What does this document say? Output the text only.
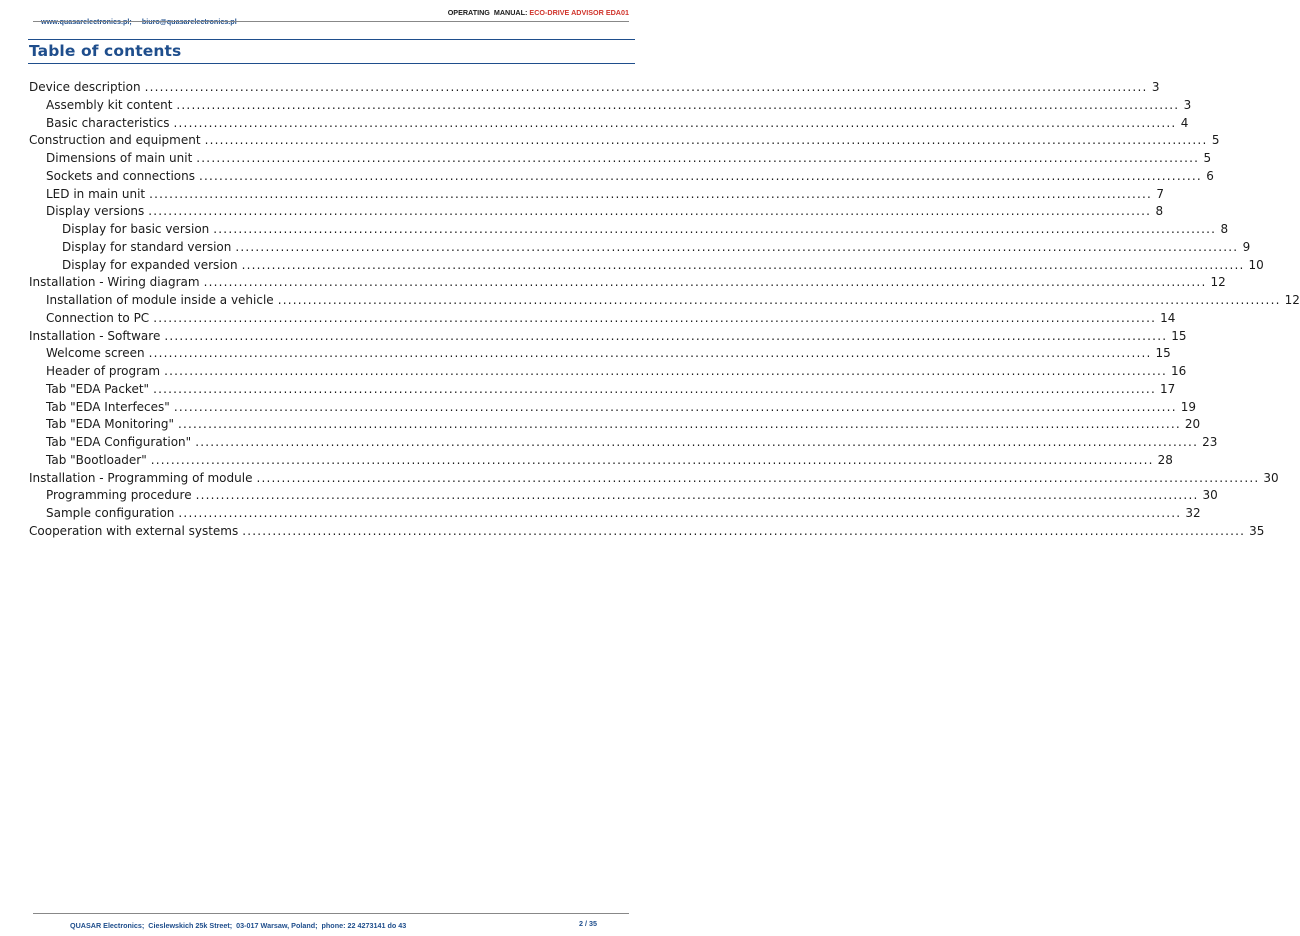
www.quasarelectronics.pl; biuro@quasarelectronics.pl

OPERATING  MANUAL: ECO-DRIVE ADVISOR EDA01
Table of contents
Device description ........................................................................................................................................................................................................ 3
Assembly kit content ........................................................................................................................................................................................................ 3
Basic characteristics ........................................................................................................................................................................................................ 4
Construction and equipment ........................................................................................................................................................................................................ 5
Dimensions of main unit ........................................................................................................................................................................................................ 5
Sockets and connections ........................................................................................................................................................................................................ 6
LED in main unit ........................................................................................................................................................................................................ 7
Display versions ........................................................................................................................................................................................................ 8
Display for basic version ........................................................................................................................................................................................................ 8
Display for standard version ........................................................................................................................................................................................................ 9
Display for expanded version ........................................................................................................................................................................................................ 10
Installation - Wiring diagram ........................................................................................................................................................................................................ 12
Installation of module inside a vehicle ........................................................................................................................................................................................................ 12
Connection to PC ........................................................................................................................................................................................................ 14
Installation - Software ........................................................................................................................................................................................................ 15
Welcome screen ........................................................................................................................................................................................................ 15
Header of program ........................................................................................................................................................................................................ 16
Tab "EDA Packet" ........................................................................................................................................................................................................ 17
Tab "EDA Interfeces" ........................................................................................................................................................................................................ 19
Tab "EDA Monitoring" ........................................................................................................................................................................................................ 20
Tab "EDA Configuration" ........................................................................................................................................................................................................ 23
Tab "Bootloader" ........................................................................................................................................................................................................ 28
Installation - Programming of module ........................................................................................................................................................................................................ 30
Programming procedure ........................................................................................................................................................................................................ 30
Sample configuration ........................................................................................................................................................................................................ 32
Cooperation with external systems ........................................................................................................................................................................................................ 35
QUASAR Electronics;  Cieslewskich 25k Street;  03-017 Warsaw, Poland;  phone: 22 4273141 do 43	2 / 35
